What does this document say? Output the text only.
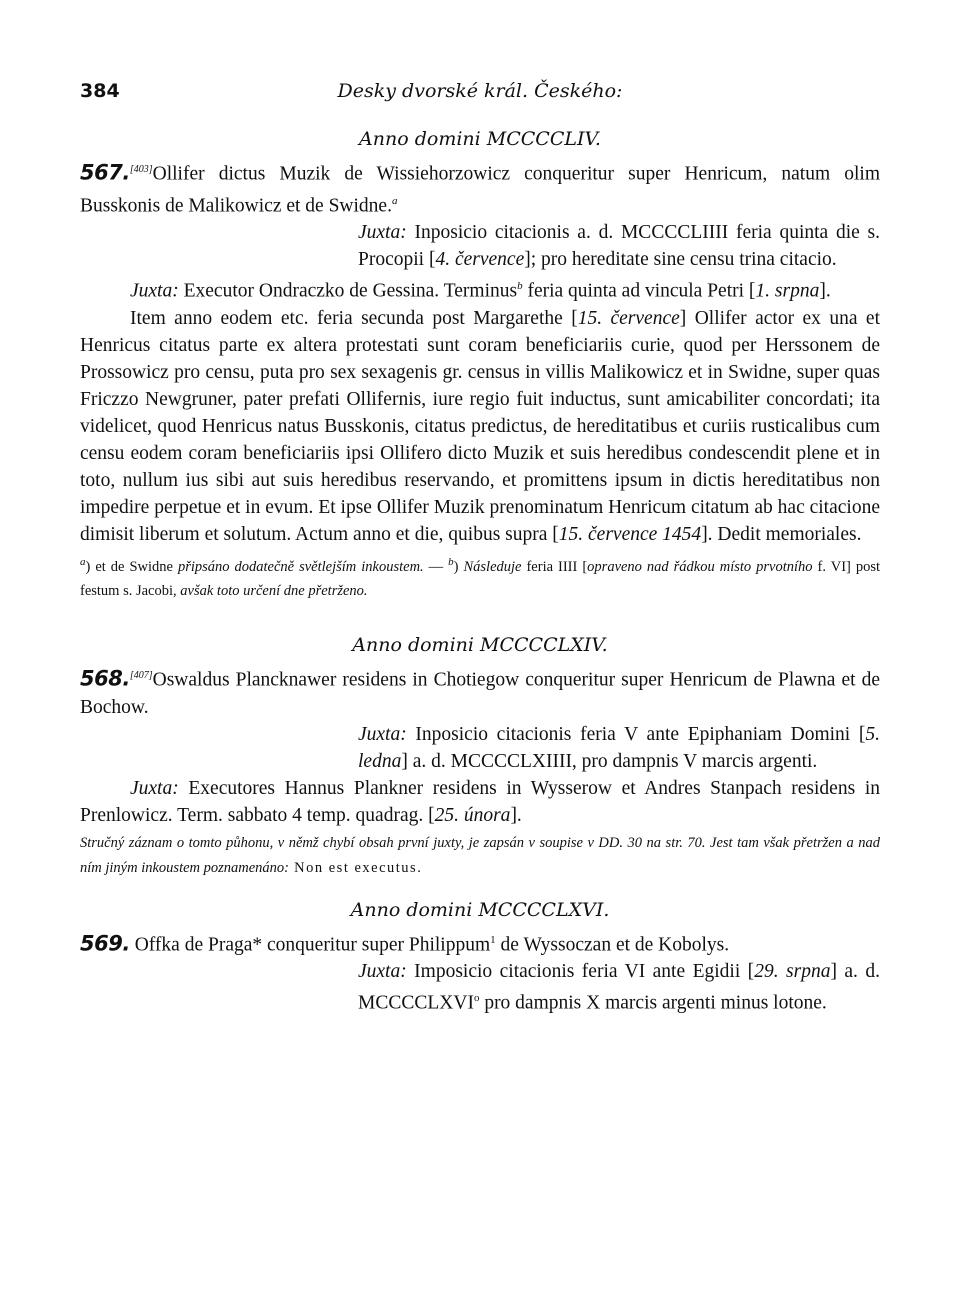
384	Desky dvorské král. Českého:
Anno domini MCCCCLIV.

567.[403]Ollifer dictus Muzik de Wissiehorzowicz conqueritur super Henricum, natum olim Busskonis de Malikowicz et de Swidne.$^a$

Juxta: Inposicio citacionis a. d. MCCCCLIIII feria quinta die s. Procopii [4. července]; pro hereditate sine censu trina citacio.

Juxta: Executor Ondraczko de Gessina. Terminus$^b$ feria quinta ad vincula Petri [1. srpna].

Item anno eodem etc. feria secunda post Margarethe [15. července] Ollifer actor ex una et Henricus citatus parte ex altera protestati sunt coram beneficiariis curie, quod per Herssonem de Prossowicz pro censu, puta pro sex sexagenis gr. census in villis Malikowicz et in Swidne, super quas Friczzo Newgruner, pater prefati Ollifernis, iure regio fuit inductus, sunt amicabiliter concordati; ita videlicet, quod Henricus natus Busskonis, citatus predictus, de hereditatibus et curiis rusticalibus cum censu eodem coram beneficiariis ipsi Ollifero dicto Muzik et suis heredibus condescendit plene et in toto, nullum ius sibi aut suis heredibus reservando, et promittens ipsum in dictis hereditatibus non impedire perpetue et in evum. Et ipse Ollifer Muzik prenominatum Henricum citatum ab hac citacione dimisit liberum et solutum. Actum anno et die, quibus supra [15. července 1454]. Dedit memoriales.

$^a$) et de Swidne připsáno dodatečně světlejším inkoustem. — $^b$) Následuje feria IIII [opraveno nad řádkou místo prvotního f. VI] post festum s. Jacobi, avšak toto určení dne přetrženo.

Anno domini MCCCCLXIV.

568.[407]Oswaldus Plancknawer residens in Chotiegow conqueritur super Henricum de Plawna et de Bochow.

Juxta: Inposicio citacionis feria V ante Epiphaniam Domini [5. ledna] a. d. MCCCCLXIIII, pro dampnis V marcis argenti.

Juxta: Executores Hannus Plankner residens in Wysserow et Andres Stanpach residens in Prenlowicz. Term. sabbato 4 temp. quadrag. [25. února].

Stručný záznam o tomto půhonu, v němž chybí obsah první juxty, je zapsán v soupise v DD. 30 na str. 70. Jest tam však přetržen a nad ním jiným inkoustem poznamenáno: Non est executus.

Anno domini MCCCCLXVI.

569. Offka de Praga* conqueritur super Philippum$^1$ de Wyssoczan et de Kobolys.

Juxta: Imposicio citacionis feria VI ante Egidii [29. srpna] a. d. MCCCCLXVI$^o$ pro dampnis X marcis argenti minus lotone.
